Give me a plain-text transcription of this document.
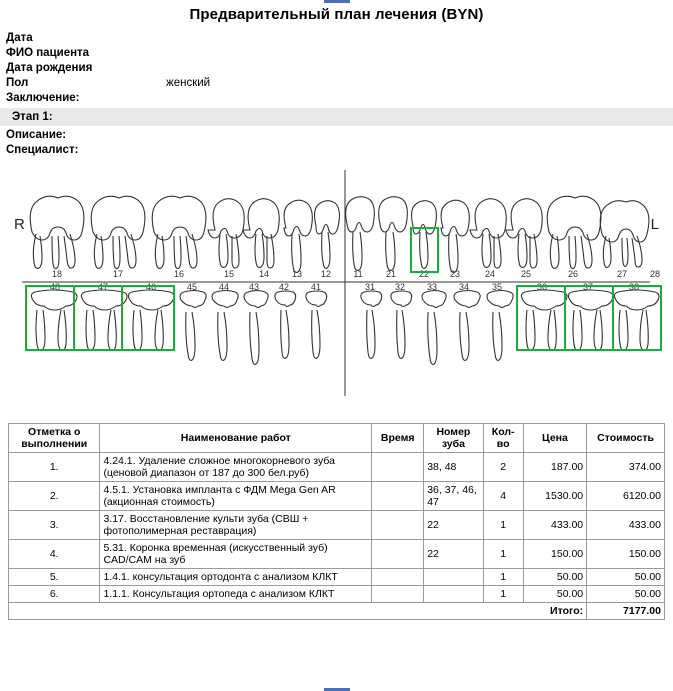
Предварительный план лечения (BYN)
Дата
ФИО пациента
Дата рождения
Пол	женский
Заключение:
Этап 1:
Описание:
Специалист:
18	17	16	15	14	13 12 11	21	22 23	24	25	26	27	28
48	47	46	45 44 43 42 41	31 32 33 34	35	36	37	38
R	L
Отметка о выполнении	Наименование работ	Время	Номер зуба	Кол-во	Цена	Стоимость
1.	4.24.1. Удаление сложное многокорневого зуба (ценовой диапазон от 187 до 300 бел.руб)		38, 48	2	187.00	374.00
2.	4.5.1. Установка импланта с ФДМ Mega Gen AR (акционная стоимость)		36, 37, 46, 47	4	1530.00	6120.00
3.	3.17. Восстановление культи зуба (СВШ + фотополимерная реставрация)		22	1	433.00	433.00
4.	5.31. Коронка временная (искусственный зуб) CAD/CAM на зуб		22	1	150.00	150.00
5.	1.4.1. консультация ортодонта с анализом КЛКТ			1	50.00	50.00
6.	1.1.1. Консультация ортопеда с анализом КЛКТ			1	50.00	50.00
Итого:						7177.00
